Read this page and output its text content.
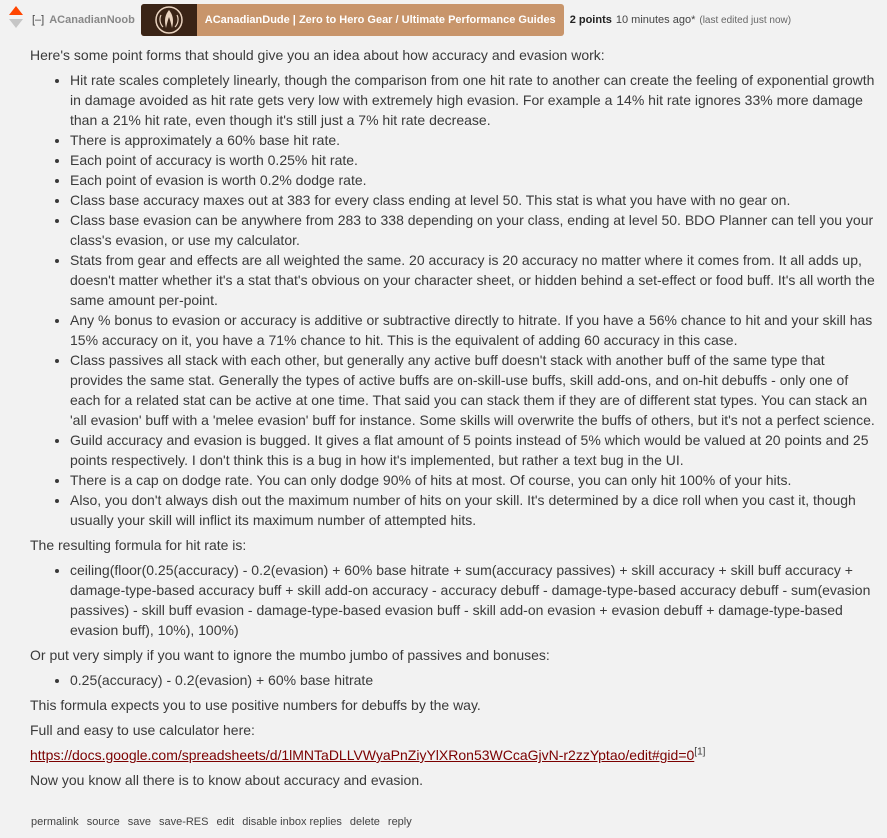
[–] ACanadianNoob	ACanadianDude | Zero to Hero Gear / Ultimate Performance Guides 2 points 10 minutes ago* (last edited just now)

Here's some point forms that should give you an idea about how accuracy and evasion work:

• Hit rate scales completely linearly, though the comparison from one hit rate to another can create the feeling of exponential growth in damage avoided as hit rate gets very low with extremely high evasion. For example a 14% hit rate ignores 33% more damage than a 21% hit rate, even though it's still just a 7% hit rate decrease.
• There is approximately a 60% base hit rate.
• Each point of accuracy is worth 0.25% hit rate.
• Each point of evasion is worth 0.2% dodge rate.
• Class base accuracy maxes out at 383 for every class ending at level 50. This stat is what you have with no gear on.
• Class base evasion can be anywhere from 283 to 338 depending on your class, ending at level 50. BDO Planner can tell you your class's evasion, or use my calculator.
• Stats from gear and effects are all weighted the same. 20 accuracy is 20 accuracy no matter where it comes from. It all adds up, doesn't matter whether it's a stat that's obvious on your character sheet, or hidden behind a set-effect or food buff. It's all worth the same amount per-point.
• Any % bonus to evasion or accuracy is additive or subtractive directly to hitrate. If you have a 56% chance to hit and your skill has 15% accuracy on it, you have a 71% chance to hit. This is the equivalent of adding 60 accuracy in this case.
• Class passives all stack with each other, but generally any active buff doesn't stack with another buff of the same type that provides the same stat. Generally the types of active buffs are on-skill-use buffs, skill add-ons, and on-hit debuffs - only one of each for a related stat can be active at one time. That said you can stack them if they are of different stat types. You can stack an 'all evasion' buff with a 'melee evasion' buff for instance. Some skills will overwrite the buffs of others, but it's not a perfect science.
• Guild accuracy and evasion is bugged. It gives a flat amount of 5 points instead of 5% which would be valued at 20 points and 25 points respectively. I don't think this is a bug in how it's implemented, but rather a text bug in the UI.
• There is a cap on dodge rate. You can only dodge 90% of hits at most. Of course, you can only hit 100% of your hits.
• Also, you don't always dish out the maximum number of hits on your skill. It's determined by a dice roll when you cast it, though usually your skill will inflict its maximum number of attempted hits.

The resulting formula for hit rate is:

• ceiling(floor(0.25(accuracy) - 0.2(evasion) + 60% base hitrate + sum(accuracy passives) + skill accuracy + skill buff accuracy + damage-type-based accuracy buff + skill add-on accuracy - accuracy debuff - damage-type-based accuracy debuff - sum(evasion passives) - skill buff evasion - damage-type-based evasion buff - skill add-on evasion + evasion debuff + damage-type-based evasion buff), 10%), 100%)

Or put very simply if you want to ignore the mumbo jumbo of passives and bonuses:

• 0.25(accuracy) - 0.2(evasion) + 60% base hitrate

This formula expects you to use positive numbers for debuffs by the way.

Full and easy to use calculator here:

https://docs.google.com/spreadsheets/d/1lMNTaDLLVWyaPnZiyYlXRon53WCcaGjvN-r2zzYptao/edit#gid=0[1]

Now you know all there is to know about accuracy and evasion.

permalink source save save-RES edit disable inbox replies delete reply
